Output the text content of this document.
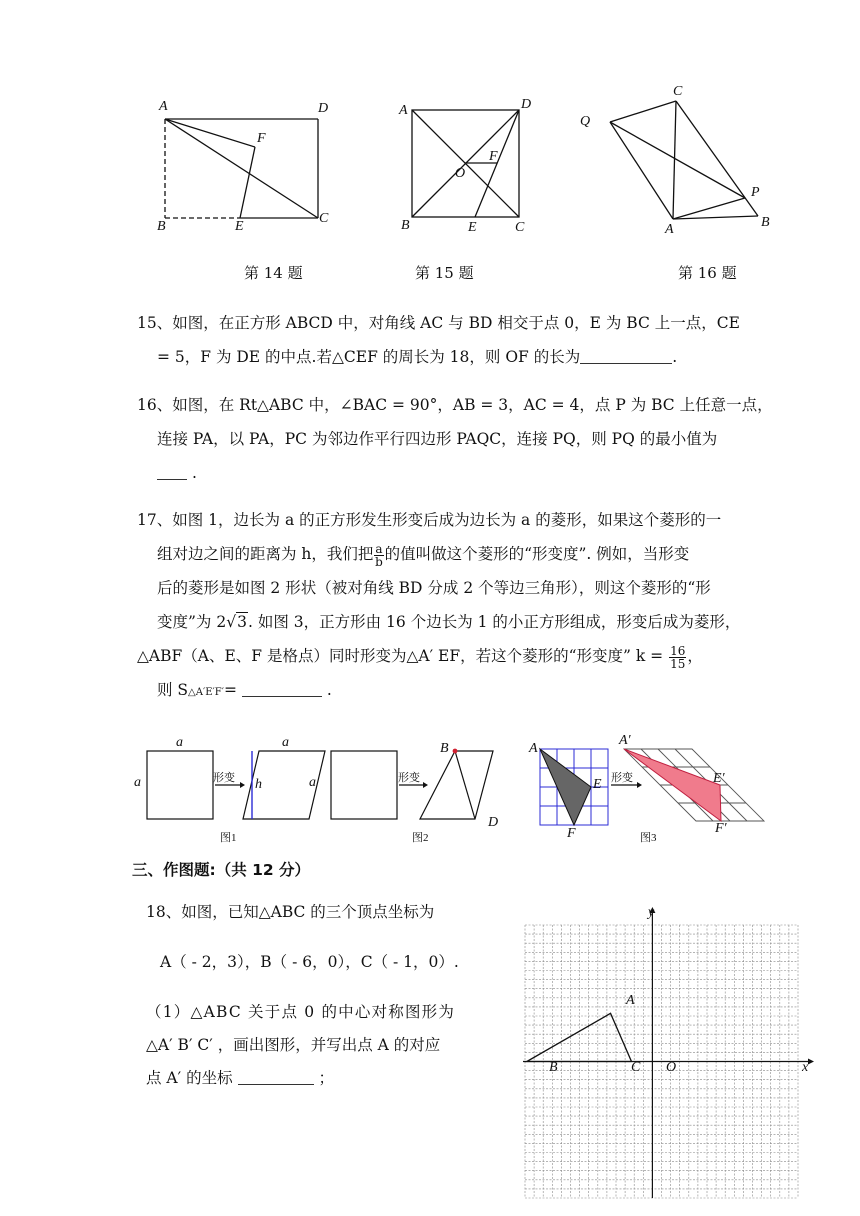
A	D
F
B	E
C
A	D
F
O
B	E	C
C
Q
P
A	B
第 14 题	第 15 题	第 16 题

15、如图，在正方形 ABCD 中，对角线 AC 与 BD 相交于点 0，E 为 BC 上一点，CE

= 5，F 为 DE 的中点.若△CEF 的周长为 18，则 OF 的长为	.

16、如图，在 Rt△ABC 中，∠BAC = 90°，AB = 3，AC = 4，点 P 为 BC 上任意一点，

连接 PA，以 PA，PC 为邻边作平行四边形 PAQC，连接 PQ，则 PQ 的最小值为

.

17、如图 1，边长为 a 的正方形发生形变后成为边长为 a 的菱形，如果这个菱形的一

组对边之间的距离为 h，我们把 $\frac{a}{b}$ 的值叫做这个菱形的“形变度”. 例如，当形变

后的菱形是如图 2 形状（被对角线 BD 分成 2 个等边三角形），则这个菱形的“形

变度”为 2√3. 如图 3，正方形由 16 个边长为 1 的小正方形组成，形变后成为菱形，

△ABF（A、E、F 是格点）同时形变为△A′ EF，若这个菱形的“形变度” $k = \frac{16}{15}$ ，

则 S△A′E′F′=	.

a
a
a
a
h
形变	形变	形变
B
D
A
E
F
A′
E′
F′
图1	图2	图3
三、作图题:（共 12 分）
18、如图，已知△ABC 的三个顶点坐标为
A（ - 2，3），B（ - 6，0），C（ - 1，0）.
（1）△ABC 关于点 0 的中心对称图形为
△A′ B′ C′ ，画出图形，并写出点 A 的对应
点 A′ 的坐标	；
y
x
A
B	C O
